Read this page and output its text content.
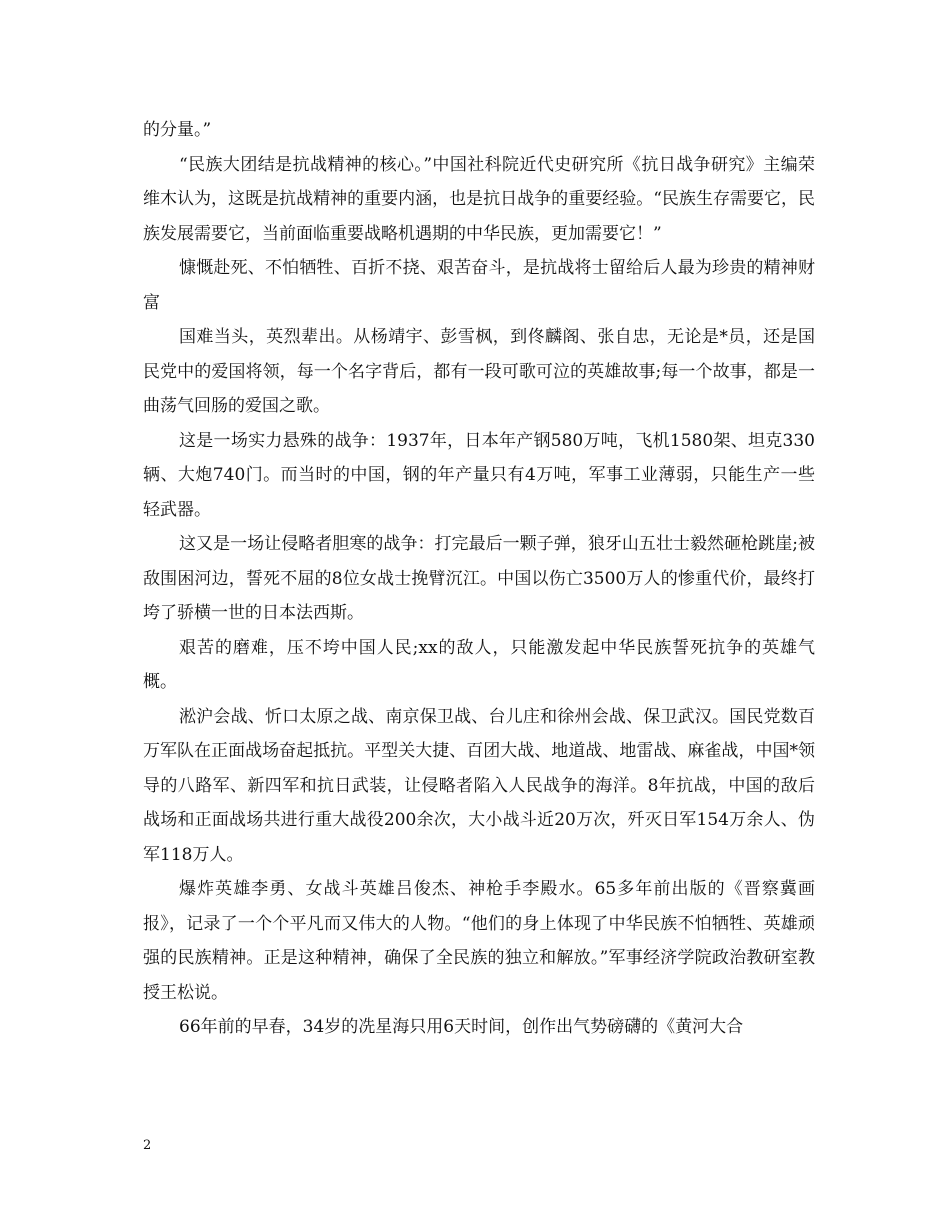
的分量。”

“民族大团结是抗战精神的核心。”中国社科院近代史研究所《抗日战争研究》主编荣维木认为，这既是抗战精神的重要内涵，也是抗日战争的重要经验。“民族生存需要它，民族发展需要它，当前面临重要战略机遇期的中华民族，更加需要它！”

慷慨赴死、不怕牺牲、百折不挠、艰苦奋斗，是抗战将士留给后人最为珍贵的精神财富

国难当头，英烈辈出。从杨靖宇、彭雪枫，到佟麟阁、张自忠，无论是*员，还是国民党中的爱国将领，每一个名字背后，都有一段可歌可泣的英雄故事;每一个故事，都是一曲荡气回肠的爱国之歌。

这是一场实力悬殊的战争：1937年，日本年产钢580万吨，飞机1580架、坦克330辆、大炮740门。而当时的中国，钢的年产量只有4万吨，军事工业薄弱，只能生产一些轻武器。

这又是一场让侵略者胆寒的战争：打完最后一颗子弹，狼牙山五壮士毅然砸枪跳崖;被敌围困河边，誓死不屈的8位女战士挽臂沉江。中国以伤亡3500万人的惨重代价，最终打垮了骄横一世的日本法西斯。

艰苦的磨难，压不垮中国人民;xx的敌人，只能激发起中华民族誓死抗争的英雄气概。

淞沪会战、忻口太原之战、南京保卫战、台儿庄和徐州会战、保卫武汉。国民党数百万军队在正面战场奋起抵抗。平型关大捷、百团大战、地道战、地雷战、麻雀战，中国*领导的八路军、新四军和抗日武装，让侵略者陷入人民战争的海洋。8年抗战，中国的敌后战场和正面战场共进行重大战役200余次，大小战斗近20万次，歼灭日军154万余人、伪军118万人。

爆炸英雄李勇、女战斗英雄吕俊杰、神枪手李殿水。65多年前出版的《晋察冀画报》，记录了一个个平凡而又伟大的人物。“他们的身上体现了中华民族不怕牺牲、英雄顽强的民族精神。正是这种精神，确保了全民族的独立和解放。”军事经济学院政治教研室教授王松说。

66年前的早春，34岁的冼星海只用6天时间，创作出气势磅礴的《黄河大合

2
